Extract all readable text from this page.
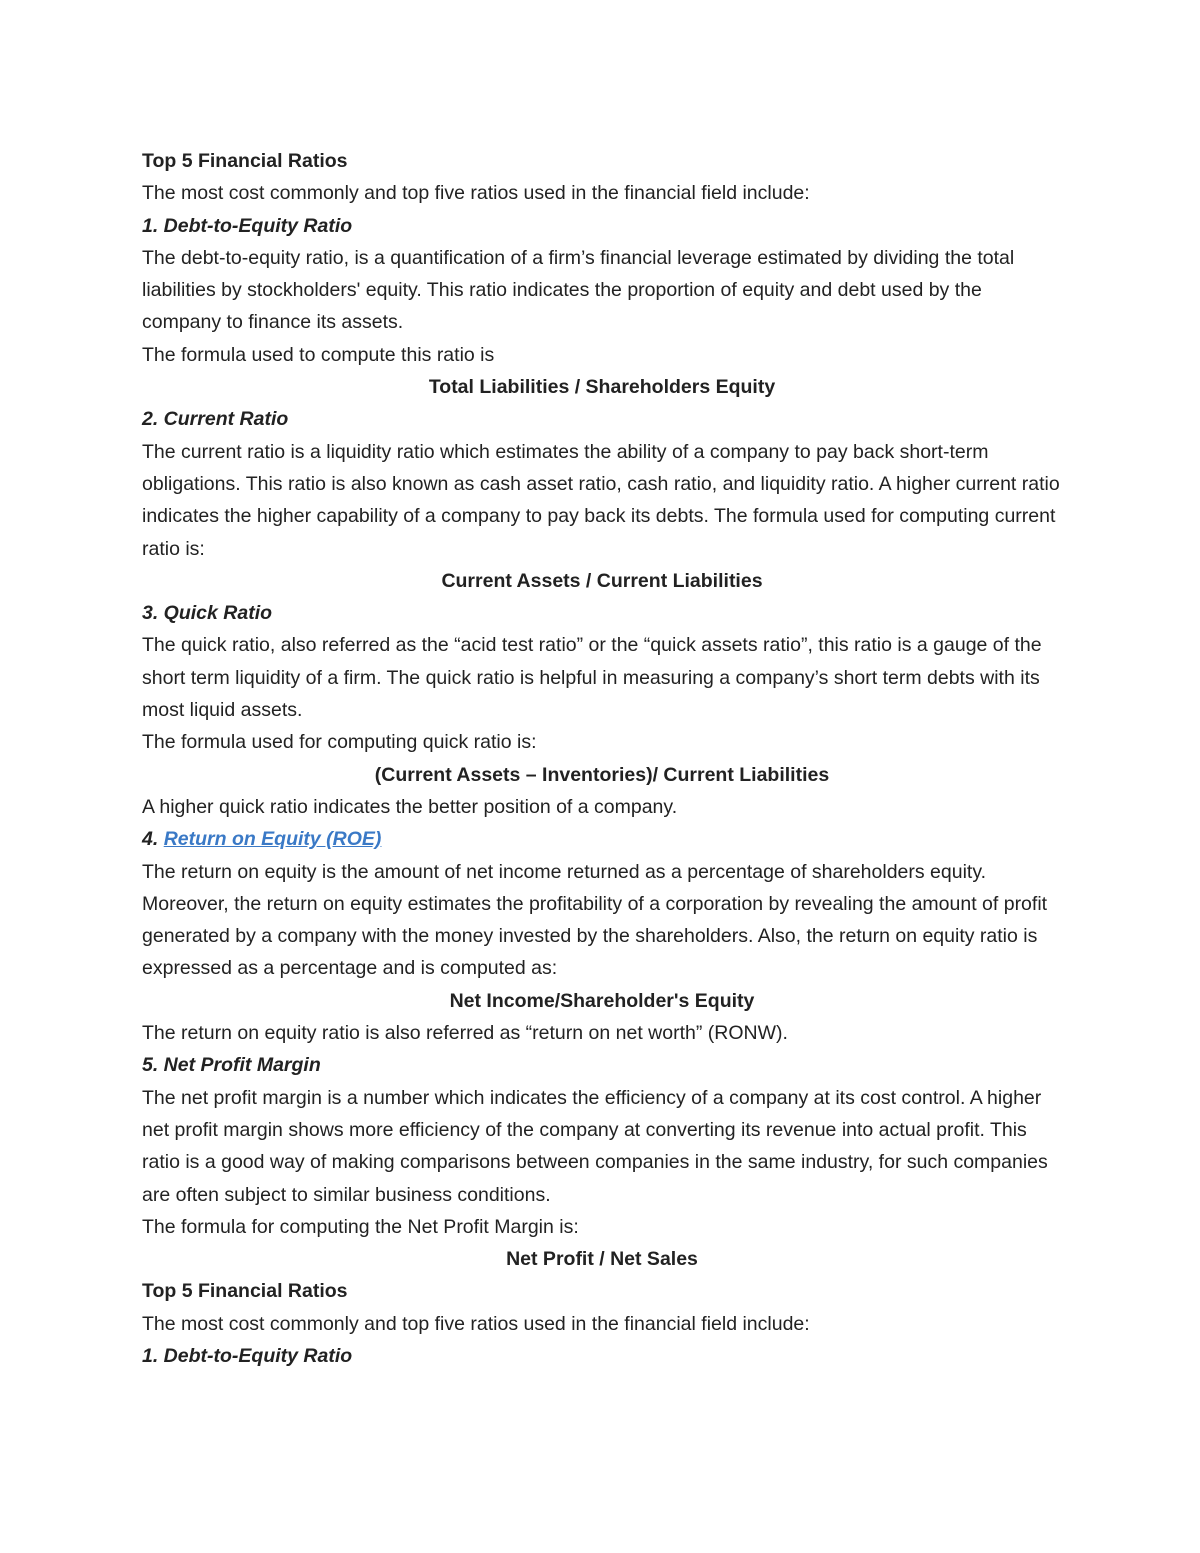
Top 5 Financial Ratios

The most cost commonly and top five ratios used in the financial field include:

1. Debt-to-Equity Ratio

The debt-to-equity ratio, is a quantification of a firm’s financial leverage estimated by dividing the total liabilities by stockholders' equity. This ratio indicates the proportion of equity and debt used by the company to finance its assets.

The formula used to compute this ratio is

Total Liabilities / Shareholders Equity
2. Current Ratio

The current ratio is a liquidity ratio which estimates the ability of a company to pay back short-term obligations. This ratio is also known as cash asset ratio, cash ratio, and liquidity ratio. A higher current ratio indicates the higher capability of a company to pay back its debts. The formula used for computing current ratio is:

Current Assets / Current Liabilities
3. Quick Ratio

The quick ratio, also referred as the “acid test ratio” or the “quick assets ratio”, this ratio is a gauge of the short term liquidity of a firm. The quick ratio is helpful in measuring a company’s short term debts with its most liquid assets.

The formula used for computing quick ratio is:

(Current Assets – Inventories)/ Current Liabilities

A higher quick ratio indicates the better position of a company.

4. Return on Equity (ROE)

The return on equity is the amount of net income returned as a percentage of shareholders equity. Moreover, the return on equity estimates the profitability of a corporation by revealing the amount of profit generated by a company with the money invested by the shareholders. Also, the return on equity ratio is expressed as a percentage and is computed as:

Net Income/Shareholder's Equity

The return on equity ratio is also referred as “return on net worth” (RONW).

5. Net Profit Margin

The net profit margin is a number which indicates the efficiency of a company at its cost control. A higher net profit margin shows more efficiency of the company at converting its revenue into actual profit. This ratio is a good way of making comparisons between companies in the same industry, for such companies are often subject to similar business conditions.

The formula for computing the Net Profit Margin is:

Net Profit / Net Sales
Top 5 Financial Ratios

The most cost commonly and top five ratios used in the financial field include:

1. Debt-to-Equity Ratio
